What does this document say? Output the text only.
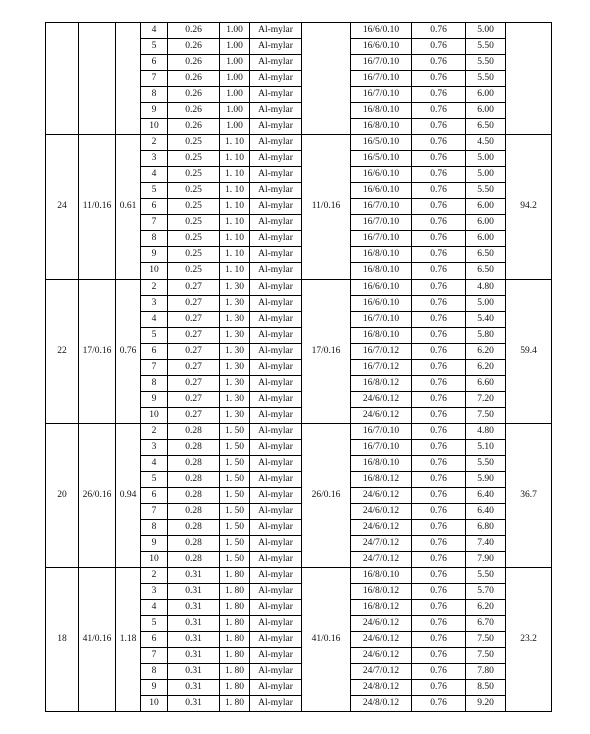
			4	0.26	1.00	Al-mylar		16/6/0.10	0.76	5.00	
			5	0.26	1.00	Al-mylar		16/6/0.10	0.76	5.50	
			6	0.26	1.00	Al-mylar		16/7/0.10	0.76	5.50	
			7	0.26	1.00	Al-mylar		16/7/0.10	0.76	5.50	
			8	0.26	1.00	Al-mylar		16/7/0.10	0.76	6.00	
			9	0.26	1.00	Al-mylar		16/8/0.10	0.76	6.00	
			10	0.26	1.00	Al-mylar		16/8/0.10	0.76	6.50	
24	11/0.16	0.61	2	0.25	1. 10	Al-mylar	11/0.16	16/5/0.10	0.76	4.50	94.2
			3	0.25	1. 10	Al-mylar		16/5/0.10	0.76	5.00	
			4	0.25	1. 10	Al-mylar		16/6/0.10	0.76	5.00	
			5	0.25	1. 10	Al-mylar		16/6/0.10	0.76	5.50	
			6	0.25	1. 10	Al-mylar		16/7/0.10	0.76	6.00	
			7	0.25	1. 10	Al-mylar		16/7/0.10	0.76	6.00	
			8	0.25	1. 10	Al-mylar		16/7/0.10	0.76	6.00	
			9	0.25	1. 10	Al-mylar		16/8/0.10	0.76	6.50	
			10	0.25	1. 10	Al-mylar		16/8/0.10	0.76	6.50	
22	17/0.16	0.76	2	0.27	1. 30	Al-mylar	17/0.16	16/6/0.10	0.76	4.80	59.4
			3	0.27	1. 30	Al-mylar		16/6/0.10	0.76	5.00	
			4	0.27	1. 30	Al-mylar		16/7/0.10	0.76	5.40	
			5	0.27	1. 30	Al-mylar		16/8/0.10	0.76	5.80	
			6	0.27	1. 30	Al-mylar		16/7/0.12	0.76	6.20	
			7	0.27	1. 30	Al-mylar		16/7/0.12	0.76	6.20	
			8	0.27	1. 30	Al-mylar		16/8/0.12	0.76	6.60	
			9	0.27	1. 30	Al-mylar		24/6/0.12	0.76	7.20	
			10	0.27	1. 30	Al-mylar		24/6/0.12	0.76	7.50	
20	26/0.16	0.94	2	0.28	1. 50	Al-mylar	26/0.16	16/7/0.10	0.76	4.80	36.7
			3	0.28	1. 50	Al-mylar		16/7/0.10	0.76	5.10	
			4	0.28	1. 50	Al-mylar		16/8/0.10	0.76	5.50	
			5	0.28	1. 50	Al-mylar		16/8/0.12	0.76	5.90	
			6	0.28	1. 50	Al-mylar		24/6/0.12	0.76	6.40	
			7	0.28	1. 50	Al-mylar		24/6/0.12	0.76	6.40	
			8	0.28	1. 50	Al-mylar		24/6/0.12	0.76	6.80	
			9	0.28	1. 50	Al-mylar		24/7/0.12	0.76	7.40	
			10	0.28	1. 50	Al-mylar		24/7/0.12	0.76	7.90	
18	41/0.16	1.18	2	0.31	1. 80	Al-mylar	41/0.16	16/8/0.10	0.76	5.50	23.2
			3	0.31	1. 80	Al-mylar		16/8/0.12	0.76	5.70	
			4	0.31	1. 80	Al-mylar		16/8/0.12	0.76	6.20	
			5	0.31	1. 80	Al-mylar		24/6/0.12	0.76	6.70	
			6	0.31	1. 80	Al-mylar		24/6/0.12	0.76	7.50	
			7	0.31	1. 80	Al-mylar		24/6/0.12	0.76	7.50	
			8	0.31	1. 80	Al-mylar		24/7/0.12	0.76	7.80	
			9	0.31	1. 80	Al-mylar		24/8/0.12	0.76	8.50	
			10	0.31	1. 80	Al-mylar		24/8/0.12	0.76	9.20	
